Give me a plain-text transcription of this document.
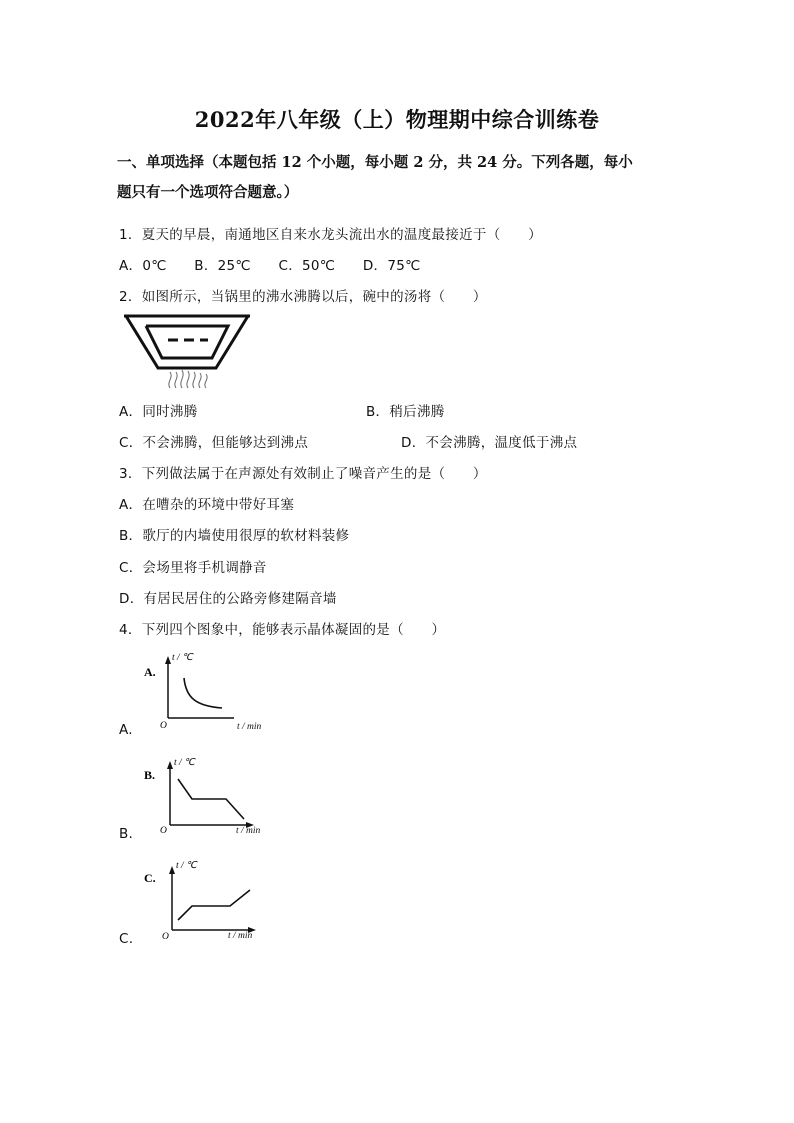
2022年八年级（上）物理期中综合训练卷
一、单项选择（本题包括 12 个小题，每小题 2 分，共 24 分。下列各题，每小
题只有一个选项符合题意。）
1．夏天的早晨，南通地区自来水龙头流出水的温度最接近于（　　）
A．0℃　　B．25℃　　C．50℃　　D．75℃
2．如图所示，当锅里的沸水沸腾以后，碗中的汤将（　　）
A．同时沸腾	B．稍后沸腾
C．不会沸腾，但能够达到沸点	D．不会沸腾，温度低于沸点
3．下列做法属于在声源处有效制止了噪音产生的是（　　）
A．在嘈杂的环境中带好耳塞
B．歌厅的内墙使用很厚的软材料装修
C．会场里将手机调静音
D．有居民居住的公路旁修建隔音墙
4．下列四个图象中，能够表示晶体凝固的是（　　）
A.
t / ℃
O	t / min
A.
B.
t / ℃
O	t / min
B.
C.
t / ℃
O	t / min
C.
